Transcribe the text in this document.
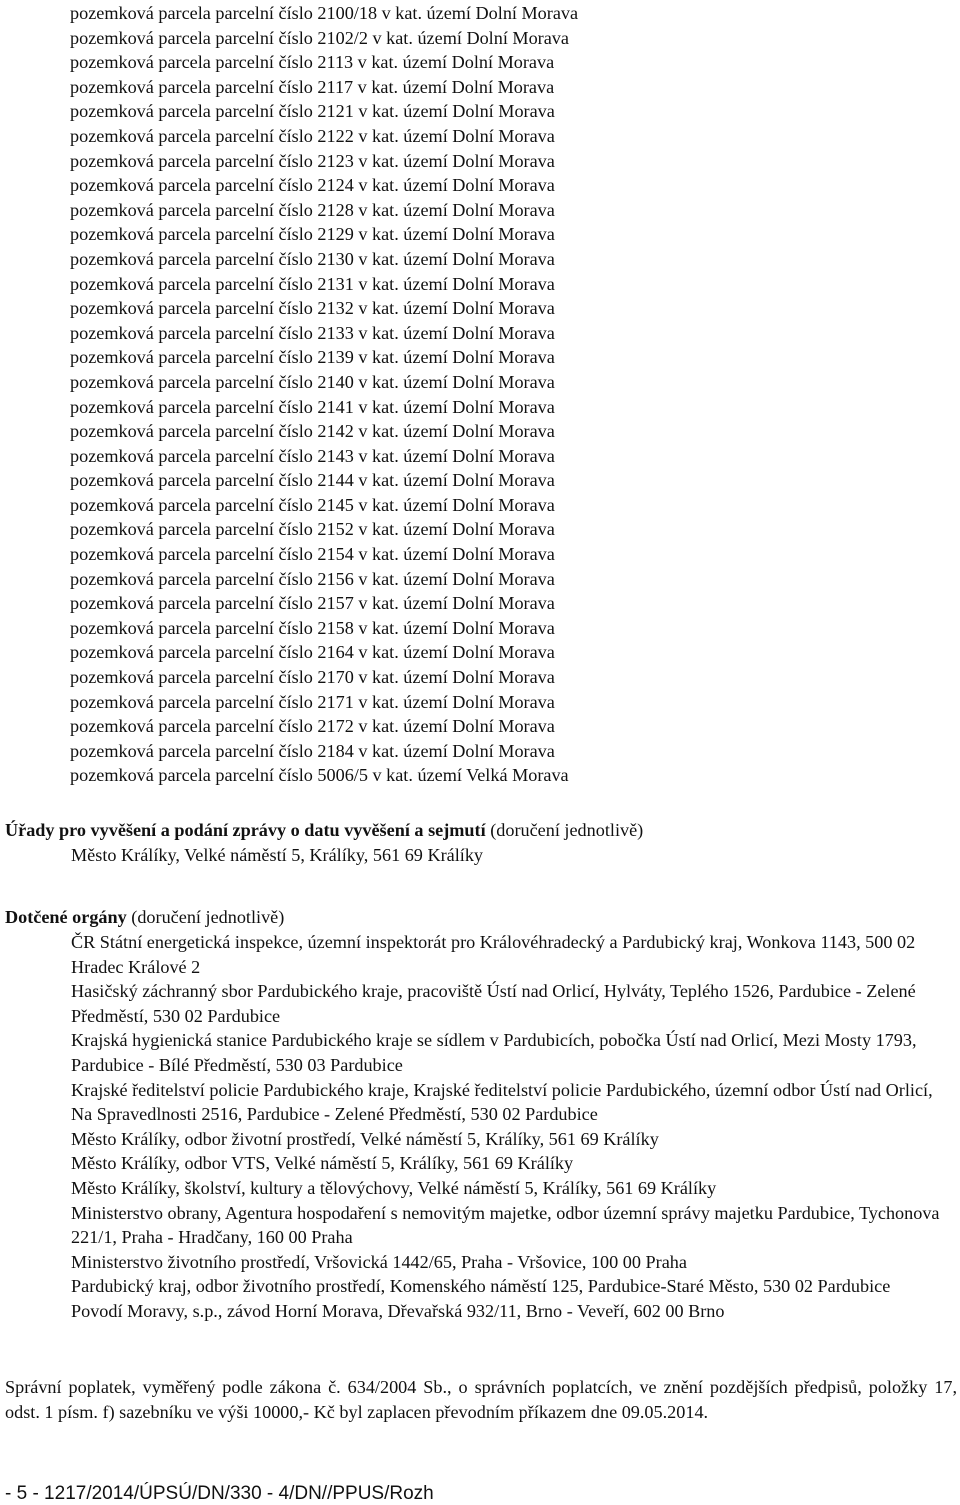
pozemková parcela parcelní číslo 2100/18 v kat. území Dolní Morava
pozemková parcela parcelní číslo 2102/2 v kat. území Dolní Morava
pozemková parcela parcelní číslo 2113 v kat. území Dolní Morava
pozemková parcela parcelní číslo 2117 v kat. území Dolní Morava
pozemková parcela parcelní číslo 2121 v kat. území Dolní Morava
pozemková parcela parcelní číslo 2122 v kat. území Dolní Morava
pozemková parcela parcelní číslo 2123 v kat. území Dolní Morava
pozemková parcela parcelní číslo 2124 v kat. území Dolní Morava
pozemková parcela parcelní číslo 2128 v kat. území Dolní Morava
pozemková parcela parcelní číslo 2129 v kat. území Dolní Morava
pozemková parcela parcelní číslo 2130 v kat. území Dolní Morava
pozemková parcela parcelní číslo 2131 v kat. území Dolní Morava
pozemková parcela parcelní číslo 2132 v kat. území Dolní Morava
pozemková parcela parcelní číslo 2133 v kat. území Dolní Morava
pozemková parcela parcelní číslo 2139 v kat. území Dolní Morava
pozemková parcela parcelní číslo 2140 v kat. území Dolní Morava
pozemková parcela parcelní číslo 2141 v kat. území Dolní Morava
pozemková parcela parcelní číslo 2142 v kat. území Dolní Morava
pozemková parcela parcelní číslo 2143 v kat. území Dolní Morava
pozemková parcela parcelní číslo 2144 v kat. území Dolní Morava
pozemková parcela parcelní číslo 2145 v kat. území Dolní Morava
pozemková parcela parcelní číslo 2152 v kat. území Dolní Morava
pozemková parcela parcelní číslo 2154 v kat. území Dolní Morava
pozemková parcela parcelní číslo 2156 v kat. území Dolní Morava
pozemková parcela parcelní číslo 2157 v kat. území Dolní Morava
pozemková parcela parcelní číslo 2158 v kat. území Dolní Morava
pozemková parcela parcelní číslo 2164 v kat. území Dolní Morava
pozemková parcela parcelní číslo 2170 v kat. území Dolní Morava
pozemková parcela parcelní číslo 2171 v kat. území Dolní Morava
pozemková parcela parcelní číslo 2172 v kat. území Dolní Morava
pozemková parcela parcelní číslo 2184 v kat. území Dolní Morava
pozemková parcela parcelní číslo 5006/5 v kat. území Velká Morava
Úřady pro vyvěšení a podání zprávy o datu vyvěšení a sejmutí (doručení jednotlivě)
Město Králíky, Velké náměstí 5, Králíky, 561 69 Králíky
Dotčené orgány (doručení jednotlivě)
ČR Státní energetická inspekce, územní inspektorát pro Královéhradecký a Pardubický kraj, Wonkova 1143, 500 02 Hradec Králové 2
Hasičský záchranný sbor Pardubického kraje, pracoviště Ústí nad Orlicí, Hylváty, Teplého 1526, Pardubice - Zelené Předměstí, 530 02 Pardubice
Krajská hygienická stanice Pardubického kraje se sídlem v Pardubicích, pobočka Ústí nad Orlicí, Mezi Mosty 1793, Pardubice - Bílé Předměstí, 530 03 Pardubice
Krajské ředitelství policie Pardubického kraje, Krajské ředitelství policie Pardubického, územní odbor Ústí nad Orlicí, Na Spravedlnosti 2516, Pardubice - Zelené Předměstí, 530 02 Pardubice
Město Králíky, odbor životní prostředí, Velké náměstí 5, Králíky, 561 69 Králíky
Město Králíky, odbor VTS, Velké náměstí 5, Králíky, 561 69 Králíky
Město Králíky, školství, kultury a tělovýchovy, Velké náměstí 5, Králíky, 561 69 Králíky
Ministerstvo obrany, Agentura hospodaření s nemovitým majetke, odbor územní správy majetku Pardubice, Tychonova 221/1, Praha - Hradčany, 160 00 Praha
Ministerstvo životního prostředí, Vršovická 1442/65, Praha - Vršovice, 100 00 Praha
Pardubický kraj, odbor životního prostředí, Komenského náměstí 125, Pardubice-Staré Město, 530 02 Pardubice
Povodí Moravy, s.p., závod Horní Morava, Dřevařská 932/11, Brno - Veveří, 602 00 Brno
Správní poplatek, vyměřený podle zákona č. 634/2004 Sb., o správních poplatcích, ve znění pozdějších předpisů, položky 17, odst. 1 písm. f) sazebníku ve výši 10000,- Kč byl zaplacen převodním příkazem dne 09.05.2014.
- 5 - 1217/2014/ÚPSÚ/DN/330 - 4/DN//PPUS/Rozh
